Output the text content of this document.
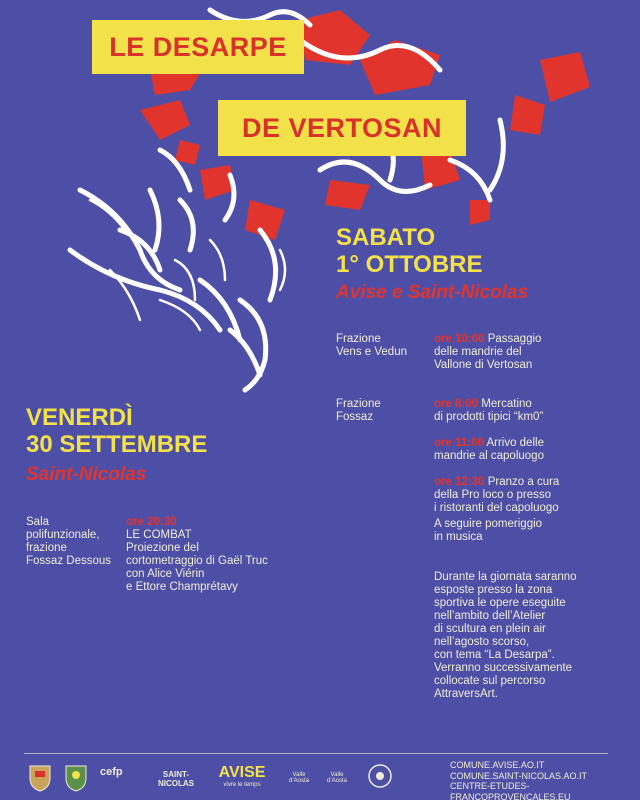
LE DESARPE
DE VERTOSAN
SABATO
1° OTTOBRE
Avise e Saint-Nicolas
Frazione
Vens e Vedun
Frazione
Fossaz
ore 10:00 Passaggio
delle mandrie del
Vallone di Vertosan
ore 8:00 Mercatino
di prodotti tipici “km0”
ore 11:00 Arrivo delle
mandrie al capoluogo
ore 12:30 Pranzo a cura
della Pro loco o presso
i ristoranti del capoluogo
A seguire pomeriggio
in musica
Durante la giornata saranno
esposte presso la zona
sportiva le opere eseguite
nell’ambito dell’Atelier
di scultura en plein air
nell’agosto scorso,
con tema “La Desarpa”.
Verranno successivamente
collocate sul percorso
AttraversArt.
VENERDÌ
30 SETTEMBRE
Saint-Nicolas
Sala
polifunzionale,
frazione
Fossaz Dessous
ore 20:30
LE COMBAT
Proiezione del
cortometraggio di Gaël Truc
con Alice Viérin
e Ettore Champrétavy
cefp	SAINT-NICOLAS
AVISE
vivre le temps
Valle d’Aosta
Valle d’Aosta
COMUNE.AVISE.AO.IT
COMUNE.SAINT-NICOLAS.AO.IT
CENTRE-ETUDES-FRANCOPROVENCALES.EU
